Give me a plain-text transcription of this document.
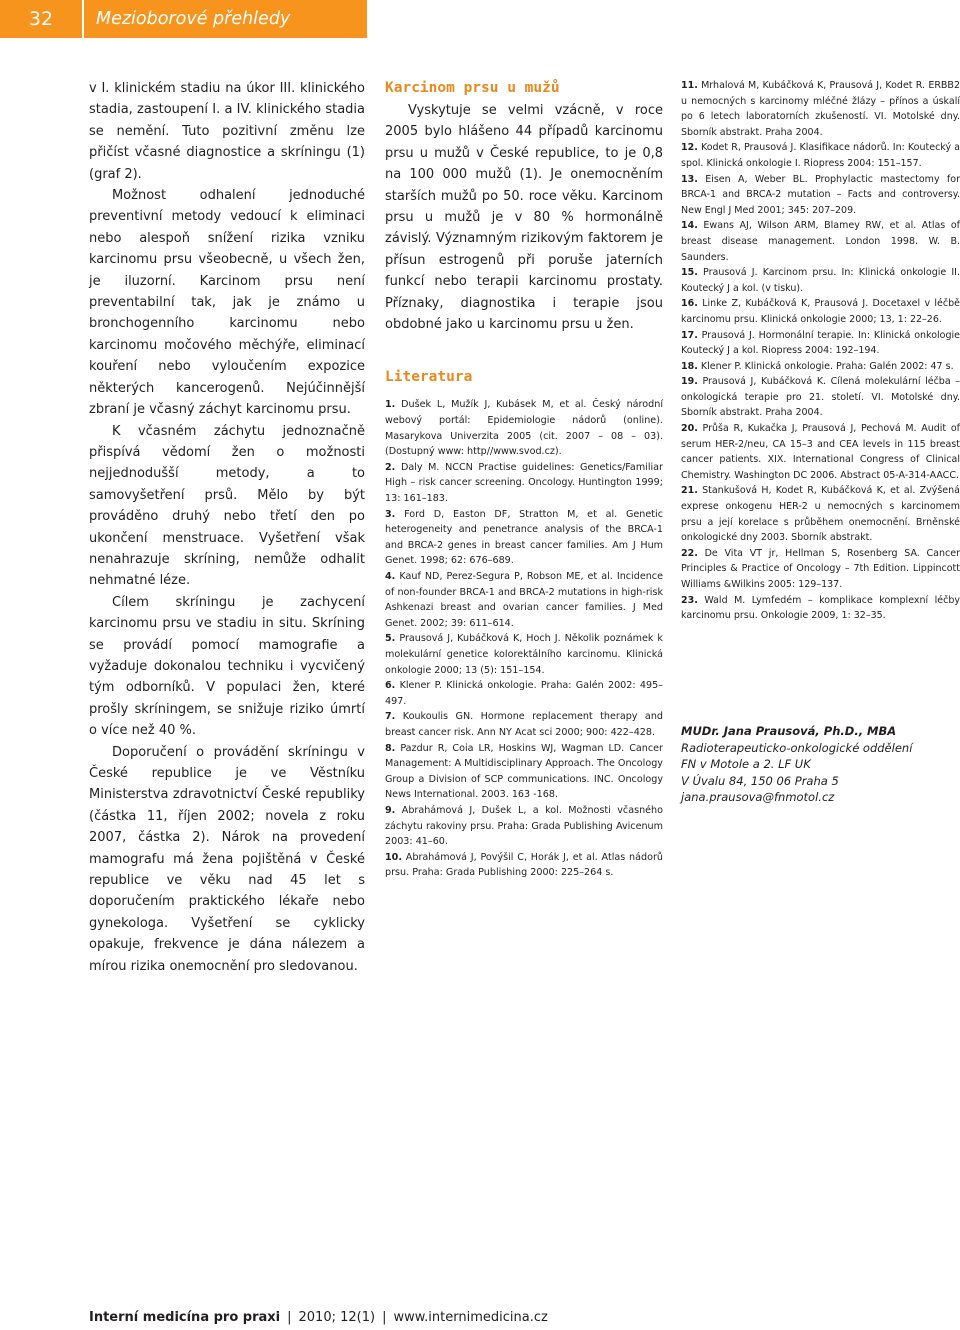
32	Mezioborové přehledy

v I. klinickém stadiu na úkor III. klinického stadia, zastoupení I. a IV. klinického stadia se nemění. Tuto pozitivní změnu lze přičíst včasné diagnostice a skríningu (1) (graf 2).

Možnost odhalení jednoduché preventivní metody vedoucí k eliminaci nebo alespoň snížení rizika vzniku karcinomu prsu všeobecně, u všech žen, je iluzorní. Karcinom prsu není preventabilní tak, jak je známo u bronchogenního karcinomu nebo karcinomu močového měchýře, eliminací kouření nebo vyloučením expozice některých kancerogenů. Nejúčinnější zbraní je včasný záchyt karcinomu prsu.

K včasném záchytu jednoznačně přispívá vědomí žen o možnosti nejjednodušší metody, a to samovyšetření prsů. Mělo by být prováděno druhý nebo třetí den po ukončení menstruace. Vyšetření však nenahrazuje skríning, nemůže odhalit nehmatné léze.

Cílem skríningu je zachycení karcinomu prsu ve stadiu in situ. Skríning se provádí pomocí mamografie a vyžaduje dokonalou techniku i vycvičený tým odborníků. V populaci žen, které prošly skríningem, se snižuje riziko úmrtí o více než 40 %.

Doporučení o provádění skríningu v České republice je ve Věstníku Ministerstva zdravotnictví České republiky (částka 11, říjen 2002; novela z roku 2007, částka 2). Nárok na provedení mamografu má žena pojištěná v České republice ve věku nad 45 let s doporučením praktického lékaře nebo gynekologa. Vyšetření se cyklicky opakuje, frekvence je dána nálezem a mírou rizika onemocnění pro sledovanou.

Karcinom prsu u mužů

Vyskytuje se velmi vzácně, v roce 2005 bylo hlášeno 44 případů karcinomu prsu u mužů v České republice, to je 0,8 na 100 000 mužů (1). Je onemocněním starších mužů po 50. roce věku. Karcinom prsu u mužů je v 80 % hormonálně závislý. Významným rizikovým faktorem je přísun estrogenů při poruše jaterních funkcí nebo terapii karcinomu prostaty. Příznaky, diagnostika i terapie jsou obdobné jako u karcinomu prsu u žen.

Literatura
1. Dušek L, Mužík J, Kubásek M, et al. Český národní webový portál: Epidemiologie nádorů (online). Masarykova Univerzita 2005 (cit. 2007 – 08 – 03). (Dostupný www: http//www.svod.cz).
2. Daly M. NCCN Practise guidelines: Genetics/Familiar High – risk cancer screening. Oncology. Huntington 1999; 13: 161–183.
3. Ford D, Easton DF, Stratton M, et al. Genetic heterogeneity and penetrance analysis of the BRCA-1 and BRCA-2 genes in breast cancer families. Am J Hum Genet. 1998; 62: 676–689.
4. Kauf ND, Perez-Segura P, Robson ME, et al. Incidence of non-founder BRCA-1 and BRCA-2 mutations in high-risk Ashkenazi breast and ovarian cancer families. J Med Genet. 2002; 39: 611–614.
5. Prausová J, Kubáčková K, Hoch J. Několik poznámek k molekulární genetice kolorektálního karcinomu. Klinická onkologie 2000; 13 (5): 151–154.
6. Klener P. Klinická onkologie. Praha: Galén 2002: 495–497.
7. Koukoulis GN. Hormone replacement therapy and breast cancer risk. Ann NY Acat sci 2000; 900: 422–428.
8. Pazdur R, Coia LR, Hoskins WJ, Wagman LD. Cancer Management: A Multidisciplinary Approach. The Oncology Group a Division of SCP communications. INC. Oncology News International. 2003. 163 -168.
9. Abrahámová J, Dušek L, a kol. Možnosti včasného záchytu rakoviny prsu. Praha: Grada Publishing Avicenum 2003: 41–60.
10. Abrahámová J, Povýšil C, Horák J, et al. Atlas nádorů prsu. Praha: Grada Publishing 2000: 225–264 s.
11. Mrhalová M, Kubáčková K, Prausová J, Kodet R. ERBB2 u nemocných s karcinomy mléčné žlázy – přínos a úskalí po 6 letech laboratorních zkušeností. VI. Motolské dny. Sborník abstrakt. Praha 2004.
12. Kodet R, Prausová J. Klasifikace nádorů. In: Koutecký a spol. Klinická onkologie I. Riopress 2004: 151–157.
13. Eisen A, Weber BL. Prophylactic mastectomy for BRCA-1 and BRCA-2 mutation – Facts and controversy. New Engl J Med 2001; 345: 207–209.
14. Ewans AJ, Wilson ARM, Blamey RW, et al. Atlas of breast disease management. London 1998. W. B. Saunders.
15. Prausová J. Karcinom prsu. In: Klinická onkologie II. Koutecký J a kol. (v tisku).
16. Linke Z, Kubáčková K, Prausová J. Docetaxel v léčbě karcinomu prsu. Klinická onkologie 2000; 13, 1: 22–26.
17. Prausová J. Hormonální terapie. In: Klinická onkologie Koutecký J a kol. Riopress 2004: 192–194.
18. Klener P. Klinická onkologie. Praha: Galén 2002: 47 s.
19. Prausová J, Kubáčková K. Cílená molekulární léčba – onkologická terapie pro 21. století. VI. Motolské dny. Sborník abstrakt. Praha 2004.
20. Průša R, Kukačka J, Prausová J, Pechová M. Audit of serum HER-2/neu, CA 15–3 and CEA levels in 115 breast cancer patients. XIX. International Congress of Clinical Chemistry. Washington DC 2006. Abstract 05-A-314-AACC.
21. Stankušová H, Kodet R, Kubáčková K, et al. Zvýšená exprese onkogenu HER-2 u nemocných s karcinomem prsu a její korelace s průběhem onemocnění. Brněnské onkologické dny 2003. Sborník abstrakt.
22. De Vita VT jr, Hellman S, Rosenberg SA. Cancer Principles & Practice of Oncology – 7th Edition. Lippincott Williams &Wilkins 2005: 129–137.
23. Wald M. Lymfedém – komplikace komplexní léčby karcinomu prsu. Onkologie 2009, 1: 32–35.
MUDr. Jana Prausová, Ph.D., MBA
Radioterapeuticko-onkologické oddělení
FN v Motole a 2. LF UK
V Úvalu 84, 150 06 Praha 5
jana.prausova@fnmotol.cz
Interní medicína pro praxi | 2010; 12(1) | www.internimedicina.cz
